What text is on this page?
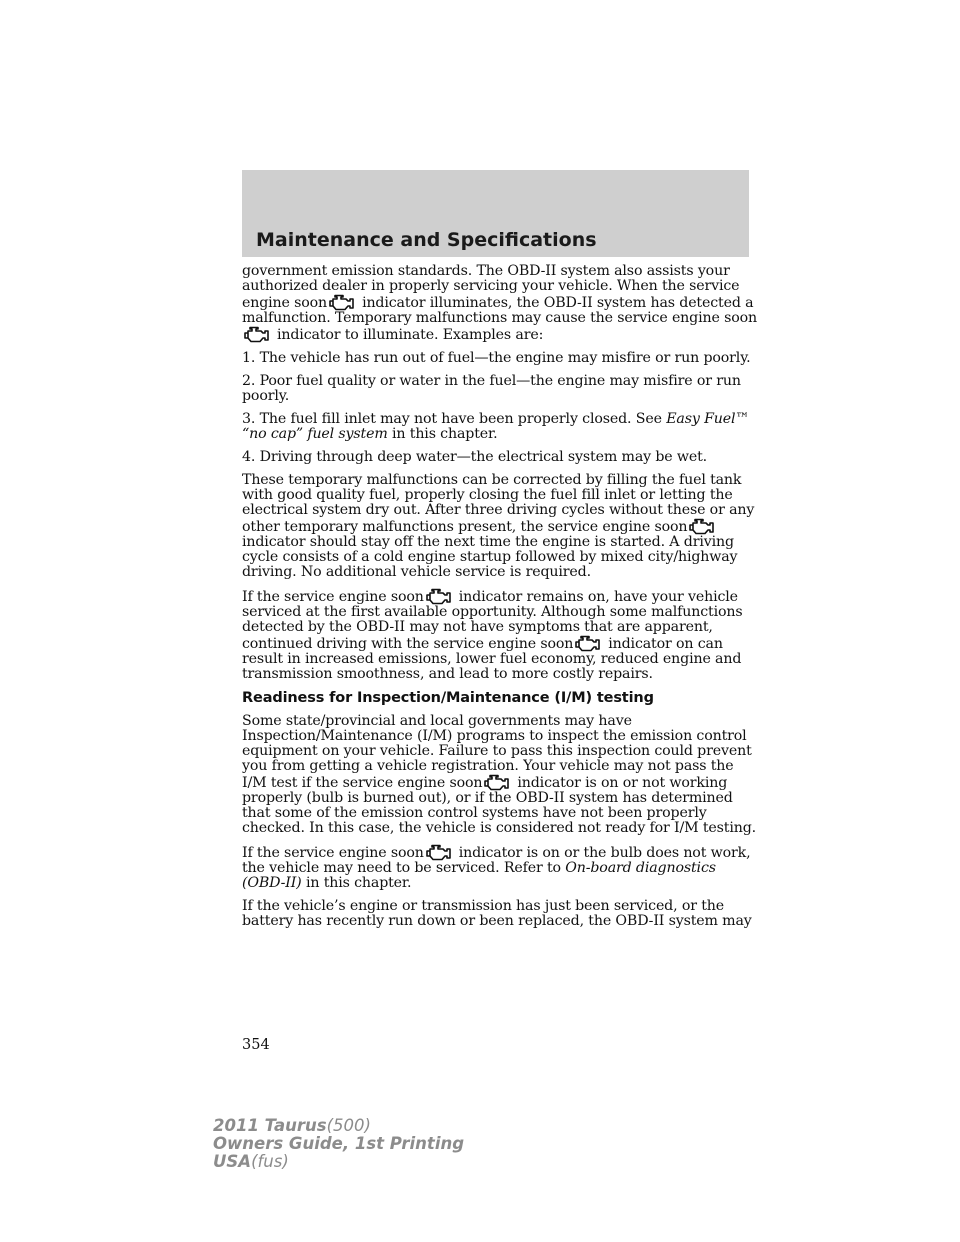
Maintenance and Specifications

government emission standards. The OBD-II system also assists your authorized dealer in properly servicing your vehicle. When the service engine soon indicator illuminates, the OBD-II system has detected a malfunction. Temporary malfunctions may cause the service engine soon
indicator to illuminate. Examples are:

1. The vehicle has run out of fuel—the engine may misfire or run poorly.

2. Poor fuel quality or water in the fuel—the engine may misfire or run poorly.

3. The fuel fill inlet may not have been properly closed. See Easy Fuel™ “no cap” fuel system in this chapter.

4. Driving through deep water—the electrical system may be wet.

These temporary malfunctions can be corrected by filling the fuel tank with good quality fuel, properly closing the fuel fill inlet or letting the electrical system dry out. After three driving cycles without these or any other temporary malfunctions present, the service engine soon
indicator should stay off the next time the engine is started. A driving cycle consists of a cold engine startup followed by mixed city/highway driving. No additional vehicle service is required.

If the service engine soon indicator remains on, have your vehicle serviced at the first available opportunity. Although some malfunctions detected by the OBD-II may not have symptoms that are apparent, continued driving with the service engine soon indicator on can result in increased emissions, lower fuel economy, reduced engine and transmission smoothness, and lead to more costly repairs.

Readiness for Inspection/Maintenance (I/M) testing

Some state/provincial and local governments may have Inspection/Maintenance (I/M) programs to inspect the emission control equipment on your vehicle. Failure to pass this inspection could prevent you from getting a vehicle registration. Your vehicle may not pass the I/M test if the service engine soon indicator is on or not working properly (bulb is burned out), or if the OBD-II system has determined that some of the emission control systems have not been properly checked. In this case, the vehicle is considered not ready for I/M testing.

If the service engine soon indicator is on or the bulb does not work, the vehicle may need to be serviced. Refer to On-board diagnostics (OBD-II) in this chapter.

If the vehicle’s engine or transmission has just been serviced, or the battery has recently run down or been replaced, the OBD-II system may

354
2011 Taurus(500)
Owners Guide, 1st Printing
USA(fus)
